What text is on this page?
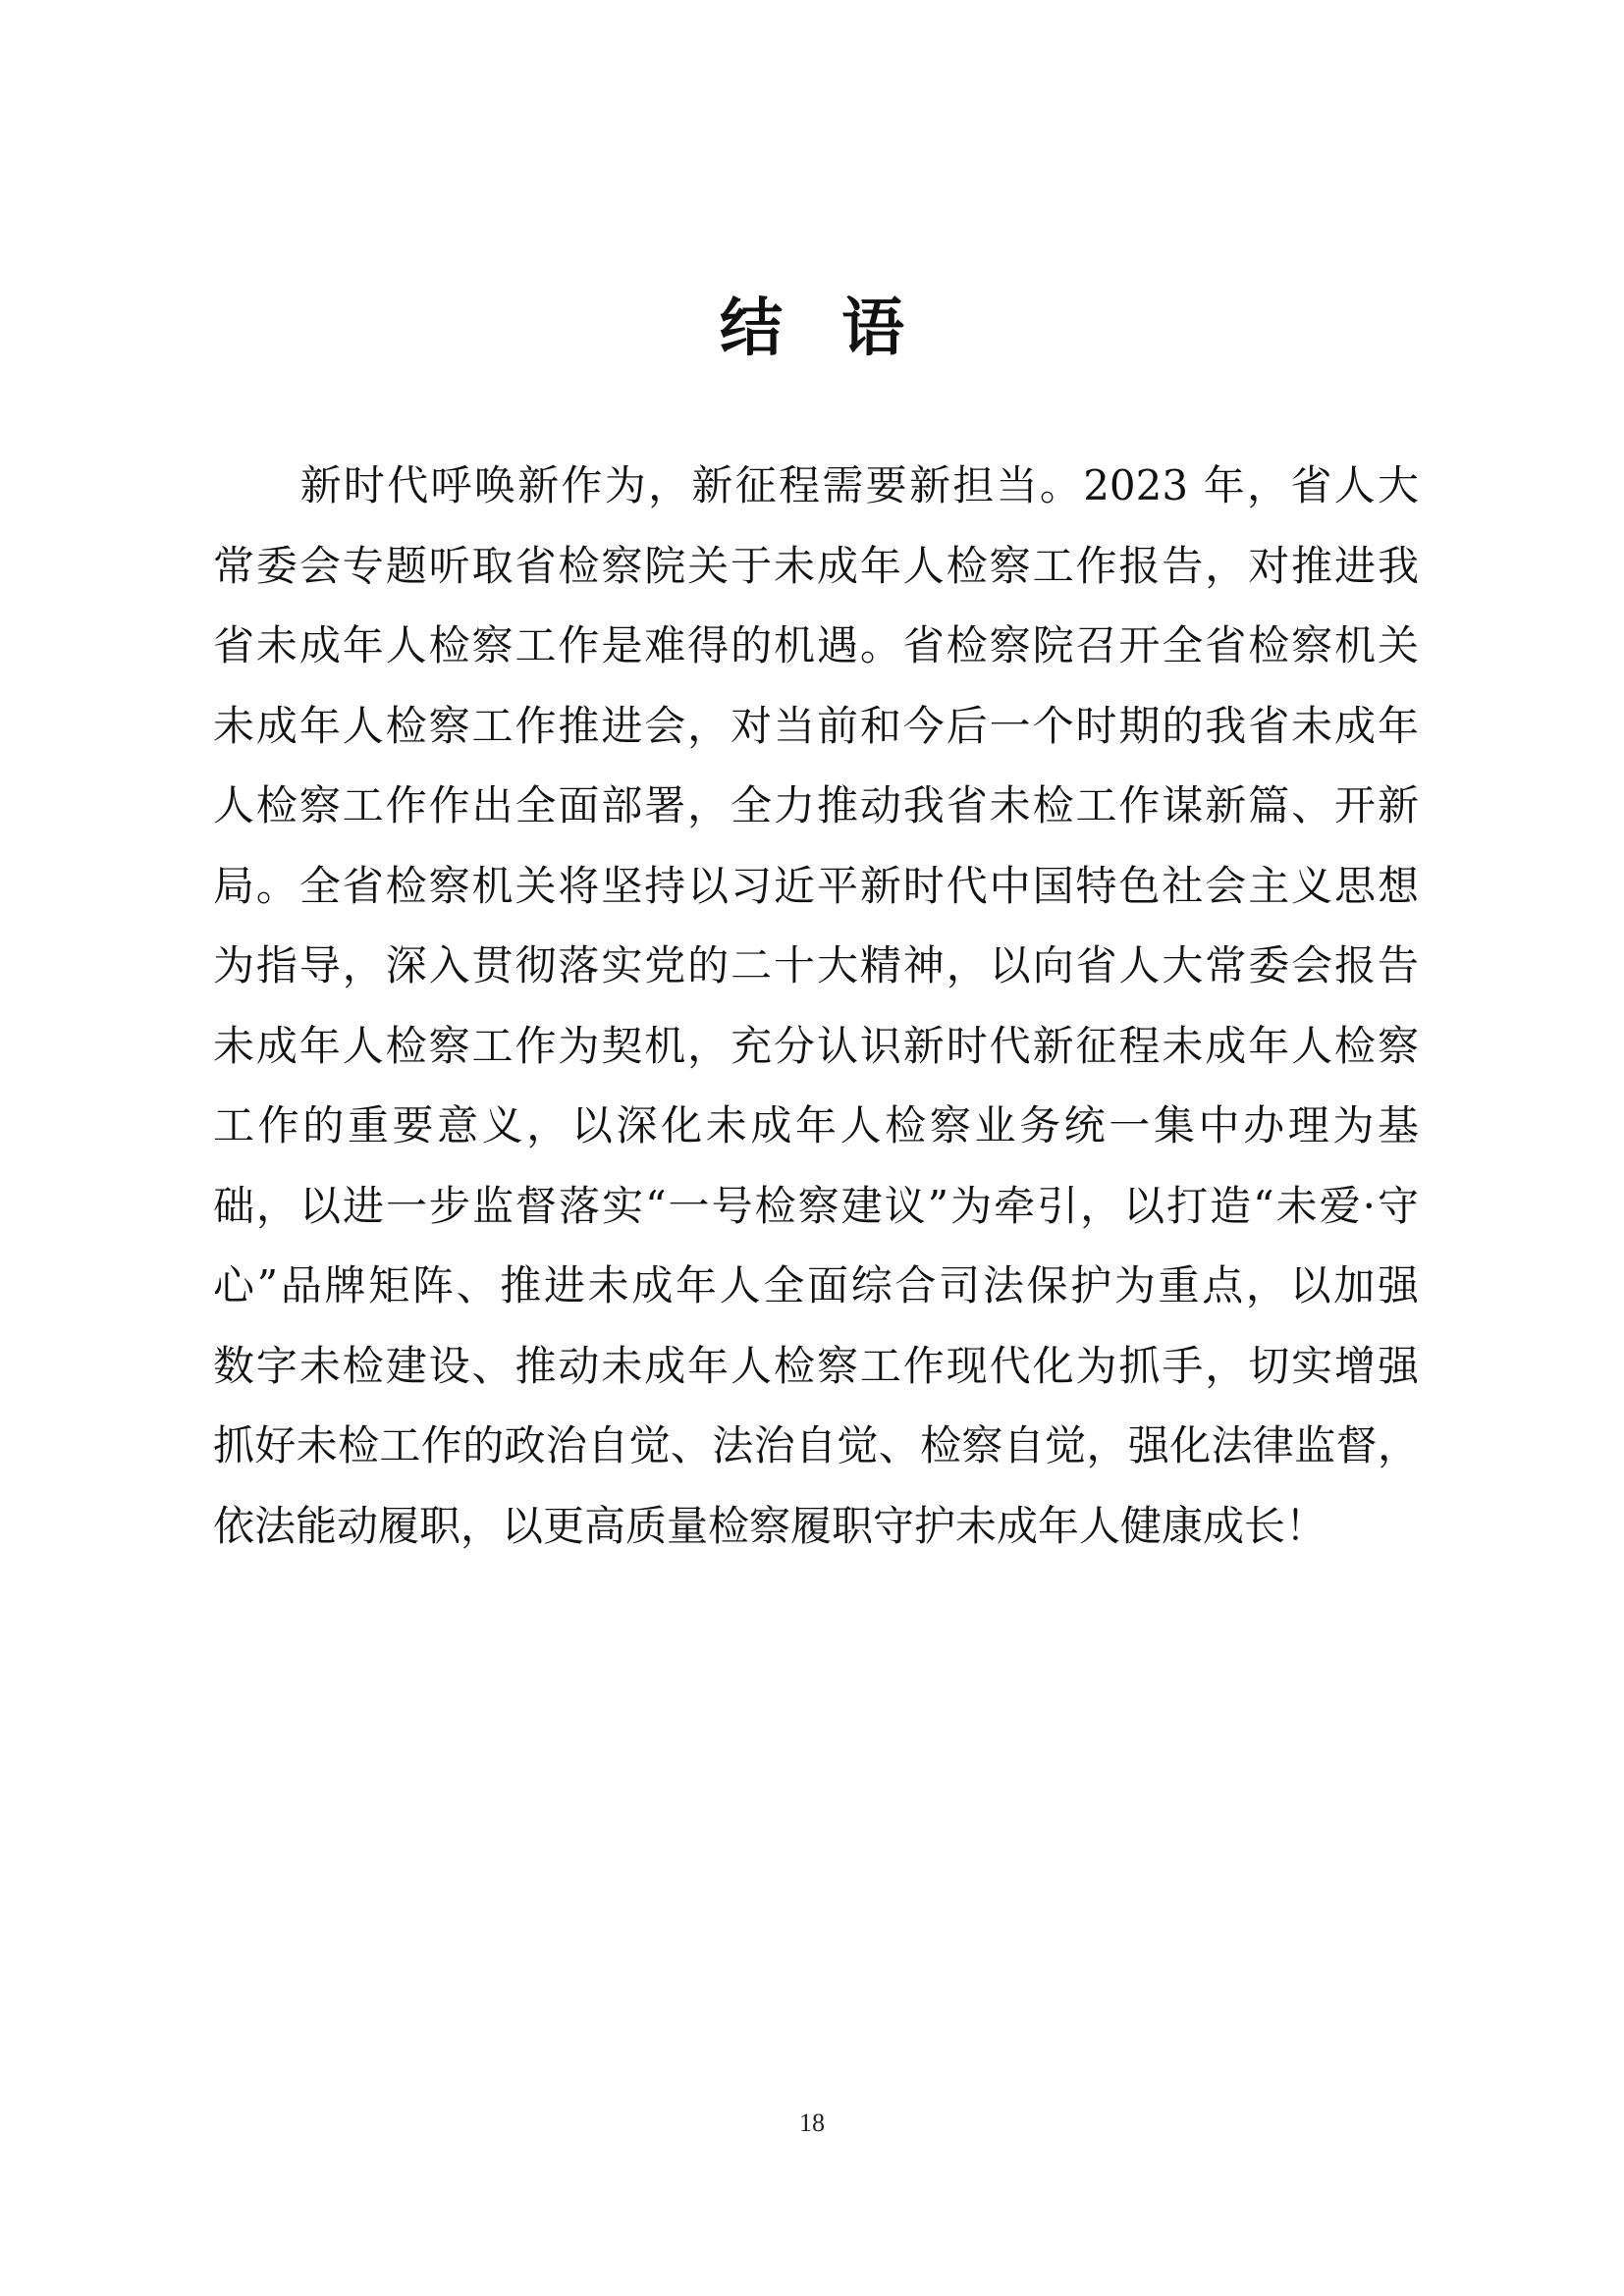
结语
　　新时代呼唤新作为，新征程需要新担当。2023 年，省人大
常委会专题听取省检察院关于未成年人检察工作报告，对推进我
省未成年人检察工作是难得的机遇。省检察院召开全省检察机关
未成年人检察工作推进会，对当前和今后一个时期的我省未成年
人检察工作作出全面部署，全力推动我省未检工作谋新篇、开新
局。全省检察机关将坚持以习近平新时代中国特色社会主义思想
为指导，深入贯彻落实党的二十大精神，以向省人大常委会报告
未成年人检察工作为契机，充分认识新时代新征程未成年人检察
工作的重要意义，以深化未成年人检察业务统一集中办理为基
础，以进一步监督落实“一号检察建议”为牵引，以打造“未爱·守
心”品牌矩阵、推进未成年人全面综合司法保护为重点，以加强
数字未检建设、推动未成年人检察工作现代化为抓手，切实增强
抓好未检工作的政治自觉、法治自觉、检察自觉，强化法律监督，
依法能动履职，以更高质量检察履职守护未成年人健康成长！
18
